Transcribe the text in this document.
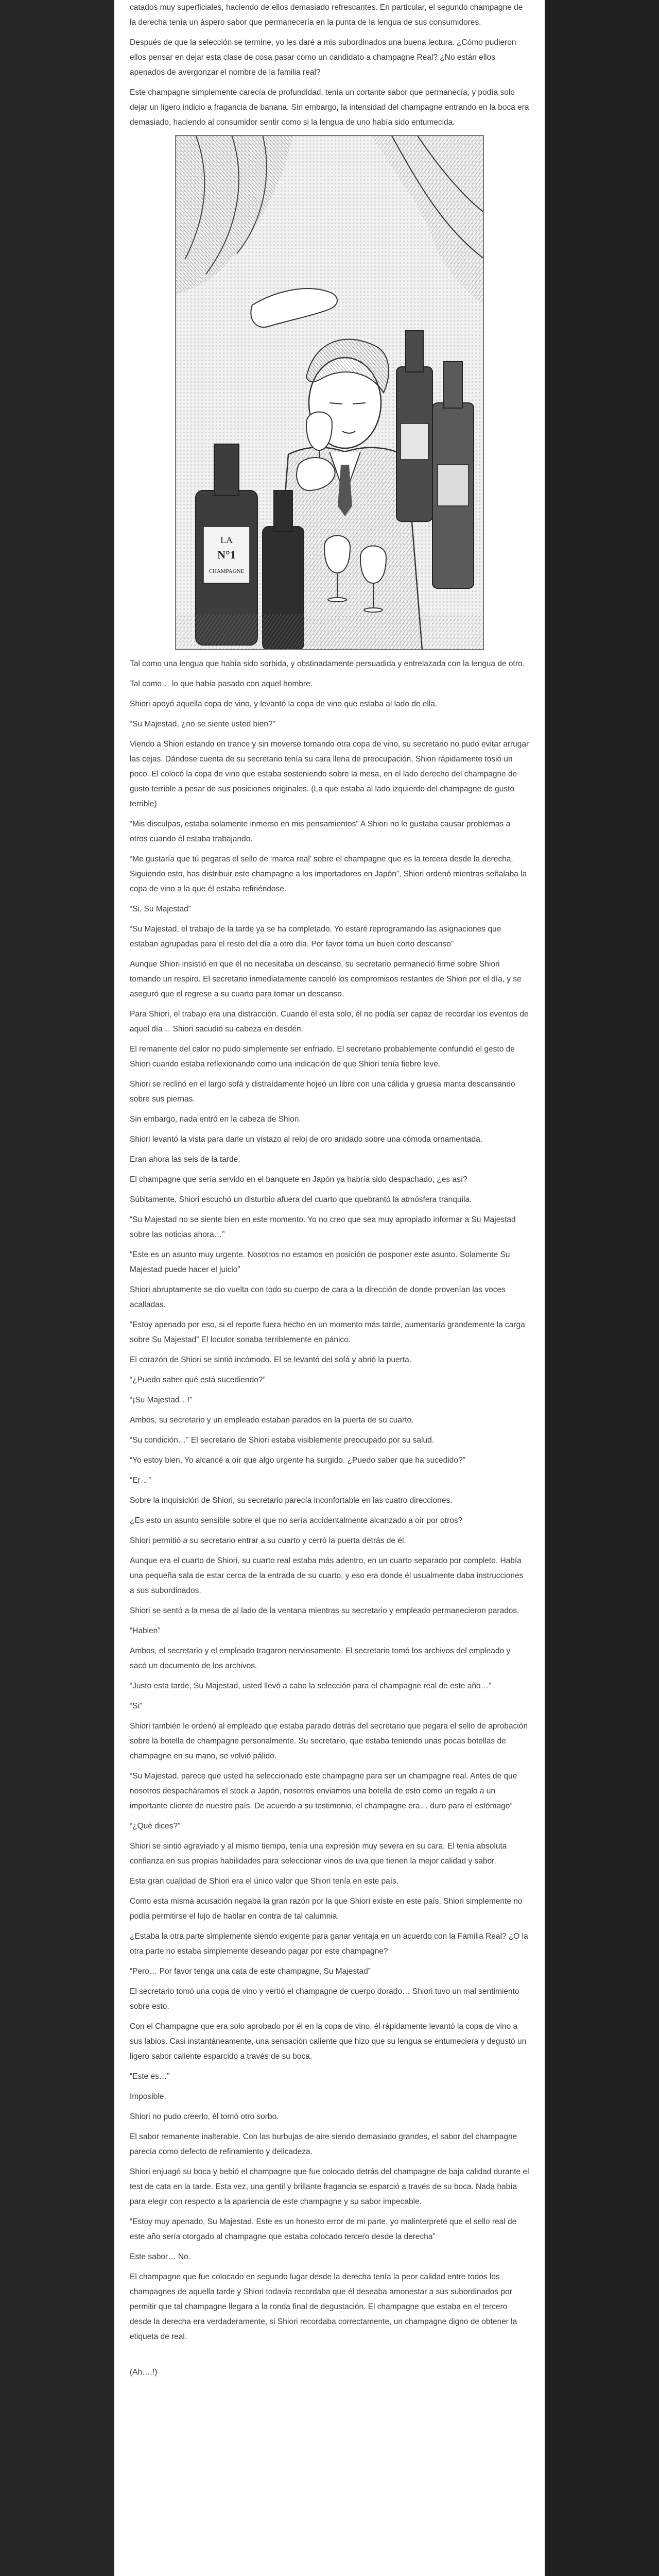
catados muy superficiales, haciendo de ellos demasiado refrescantes. En particular, el segundo champagne de la derecha tenía un áspero sabor que permanecería en la punta de la lengua de sus consumidores.

Después de que la selección se termine, yo les daré a mis subordinados una buena lectura. ¿Cómo pudieron ellos pensar en dejar esta clase de cosa pasar como un candidato a champagne Real? ¿No están ellos apenados de avergonzar el nombre de la familia real?

Este champagne simplemente carecía de profundidad, tenía un cortante sabor que permanecía, y podía solo dejar un ligero indicio a fragancia de banana. Sin embargo, la intensidad del champagne entrando en la boca era demasiado, haciendo al consumidor sentir como si la lengua de uno había sido entumecida.

LA
N°1
CHAMPAGNE

Tal como una lengua que había sido sorbida, y obstinadamente persuadida y entrelazada con la lengua de otro.

Tal como… lo que había pasado con aquel hombre.

Shiori apoyó aquella copa de vino, y levantó la copa de vino que estaba al lado de ella.

“Su Majestad, ¿no se siente usted bien?”

Viendo a Shiori estando en trance y sin moverse tomando otra copa de vino, su secretario no pudo evitar arrugar las cejas. Dándose cuenta de su secretario tenía su cara llena de preocupación, Shiori rápidamente tosió un poco. El colocó la copa de vino que estaba sosteniendo sobre la mesa, en el lado derecho del champagne de gusto terrible a pesar de sus posiciones originales. (La que estaba al lado izquierdo del champagne de gusto terrible)

“Mis disculpas, estaba solamente inmerso en mis pensamientos” A Shiori no le gustaba causar problemas a otros cuando él estaba trabajando.

“Me gustaría que tú pegaras el sello de ‘marca real’ sobre el champagne que es la tercera desde la derecha. Siguiendo esto, has distribuir este champagne a los importadores en Japón”, Shiori ordenó mientras señalaba la copa de vino a la que él estaba refiriéndose.

“Si, Su Majestad”

“Su Majestad, el trabajo de la tarde ya se ha completado. Yo estaré reprogramando las asignaciones que estaban agrupadas para el resto del día a otro día. Por favor toma un buen corto descanso”

Aunque Shiori insistió en que él no necesitaba un descanso, su secretario permaneció firme sobre Shiori tomando un respiro. El secretario inmediatamente canceló los compromisos restantes de Shiori por el día, y se aseguró que el regrese a su cuarto para tomar un descanso.

Para Shiori, el trabajo era una distracción. Cuando él esta solo, él no podía ser capaz de recordar los eventos de aquel día… Shiori sacudió su cabeza en desdén.

El remanente del calor no pudo simplemente ser enfriado. El secretario probablemente confundió el gesto de Shiori cuando estaba reflexionando como una indicación de que Shiori tenía fiebre leve.

Shiori se reclinó en el largo sofá y distraídamente hojeó un libro con una cálida y gruesa manta descansando sobre sus piernas.

Sin embargo, nada entró en la cabeza de Shiori.

Shiori levantó la vista para darle un vistazo al reloj de oro anidado sobre una cómoda ornamentada.

Eran ahora las seis de la tarde.

El champagne que sería servido en el banquete en Japón ya habría sido despachado, ¿es así?

Súbitamente, Shiori escuchó un disturbio afuera del cuarto que quebrantó la atmósfera tranquila.

“Su Majestad no se siente bien en este momento. Yo no creo que sea muy apropiado informar a Su Majestad sobre las noticias ahora…”

“Este es un asunto muy urgente. Nosotros no estamos en posición de posponer este asunto. Solamente Su Majestad puede hacer el juicio”

Shiori abruptamente se dio vuelta con todo su cuerpo de cara a la dirección de donde provenían las voces acalladas.

“Estoy apenado por eso, si el reporte fuera hecho en un momento más tarde, aumentaría grandemente la carga sobre Su Majestad” El locutor sonaba terriblemente en pánico.

El corazón de Shiori se sintió incómodo. El se levantó del sofá y abrió la puerta.

“¿Puedo saber qué está sucediendo?”

“¡Su Majestad…!”

Ambos, su secretario y un empleado estaban parados en la puerta de su cuarto.

“Su condición…” El secretario de Shiori estaba visiblemente preocupado por su salud.

“Yo estoy bien, Yo alcancé a oír que algo urgente ha surgido. ¿Puedo saber que ha sucedido?”

“Er…”

Sobre la inquisición de Shiori, su secretario parecía inconfortable en las cuatro direcciones.

¿Es esto un asunto sensible sobre el que no sería accidentalmente alcanzado a oír por otros?

Shiori permitió a su secretario entrar a su cuarto y cerró la puerta detrás de él.

Aunque era el cuarto de Shiori, su cuarto real estaba más adentro, en un cuarto separado por completo. Había una pequeña sala de estar cerca de la entrada de su cuarto, y eso era donde él usualmente daba instrucciones a sus subordinados.

Shiori se sentó a la mesa de al lado de la ventana mientras su secretario y empleado permanecieron parados.

“Hablen”

Ambos, el secretario y el empleado tragaron nerviosamente. El secretario tomó los archivos del empleado y sacó un documento de los archivos.

“Justo esta tarde, Su Majestad, usted llevó a cabo la selección para el champagne real de este año…”

“Si”

Shiori también le ordenó al empleado que estaba parado detrás del secretario que pegara el sello de aprobación sobre la botella de champagne personalmente. Su secretario, que estaba teniendo unas pocas botellas de champagne en su mano, se volvió pálido.

“Su Majestad, parece que usted ha seleccionado este champagne para ser un champagne real. Antes de que nosotros despacháramos el stock a Japón, nosotros enviamos una botella de esto como un regalo a un importante cliente de nuestro país. De acuerdo a su testimonio, el champagne era… duro para el estómago”

“¿Qué dices?”

Shiori se sintió agraviado y al mismo tiempo, tenía una expresión muy severa en su cara. El tenía absoluta confianza en sus propias habilidades para seleccionar vinos de uva que tienen la mejor calidad y sabor.

Esta gran cualidad de Shiori era el único valor que Shiori tenía en este país.

Como esta misma acusación negaba la gran razón por la que Shiori existe en este país, Shiori simplemente no podía permitirse el lujo de hablar en contra de tal calumnia.

¿Estaba la otra parte simplemente siendo exigente para ganar ventaja en un acuerdo con la Familia Real? ¿O la otra parte no estaba simplemente deseando pagar por este champagne?

“Pero… Por favor tenga una cata de este champagne, Su Majestad”

El secretario tomó una copa de vino y vertió el champagne de cuerpo dorado… Shiori tuvo un mal sentimiento sobre esto.

Con el Champagne que era solo aprobado por él en la copa de vino, él rápidamente levantó la copa de vino a sus labios. Casi instantáneamente, una sensación caliente que hizo que su lengua se entumeciera y degustó un ligero sabor caliente esparcido a través de su boca.

“Este es…”

Imposible.

Shiori no pudo creerlo, él tomó otro sorbo.

El sabor remanente inalterable. Con las burbujas de aire siendo demasiado grandes, el sabor del champagne parecía como defecto de refinamiento y delicadeza.

Shiori enjuagó su boca y bebió el champagne que fue colocado detrás del champagne de baja calidad durante el test de cata en la tarde. Esta vez, una gentil y brillante fragancia se esparció a través de su boca. Nada había para elegir con respecto a la apariencia de este champagne y su sabor impecable.

“Estoy muy apenado, Su Majestad. Este es un honesto error de mi parte, yo malinterpreté que el sello real de este año sería otorgado al champagne que estaba colocado tercero desde la derecha”

Este sabor… No.

El champagne que fue colocado en segundo lugar desde la derecha tenía la peor calidad entre todos los champagnes de aquella tarde y Shiori todavía recordaba que él deseaba amonestar a sus subordinados por permitir que tal champagne llegara a la ronda final de degustación. El champagne que estaba en el tercero desde la derecha era verdaderamente, si Shiori recordaba correctamente, un champagne digno de obtener la etiqueta de real.

(Ah….!)
